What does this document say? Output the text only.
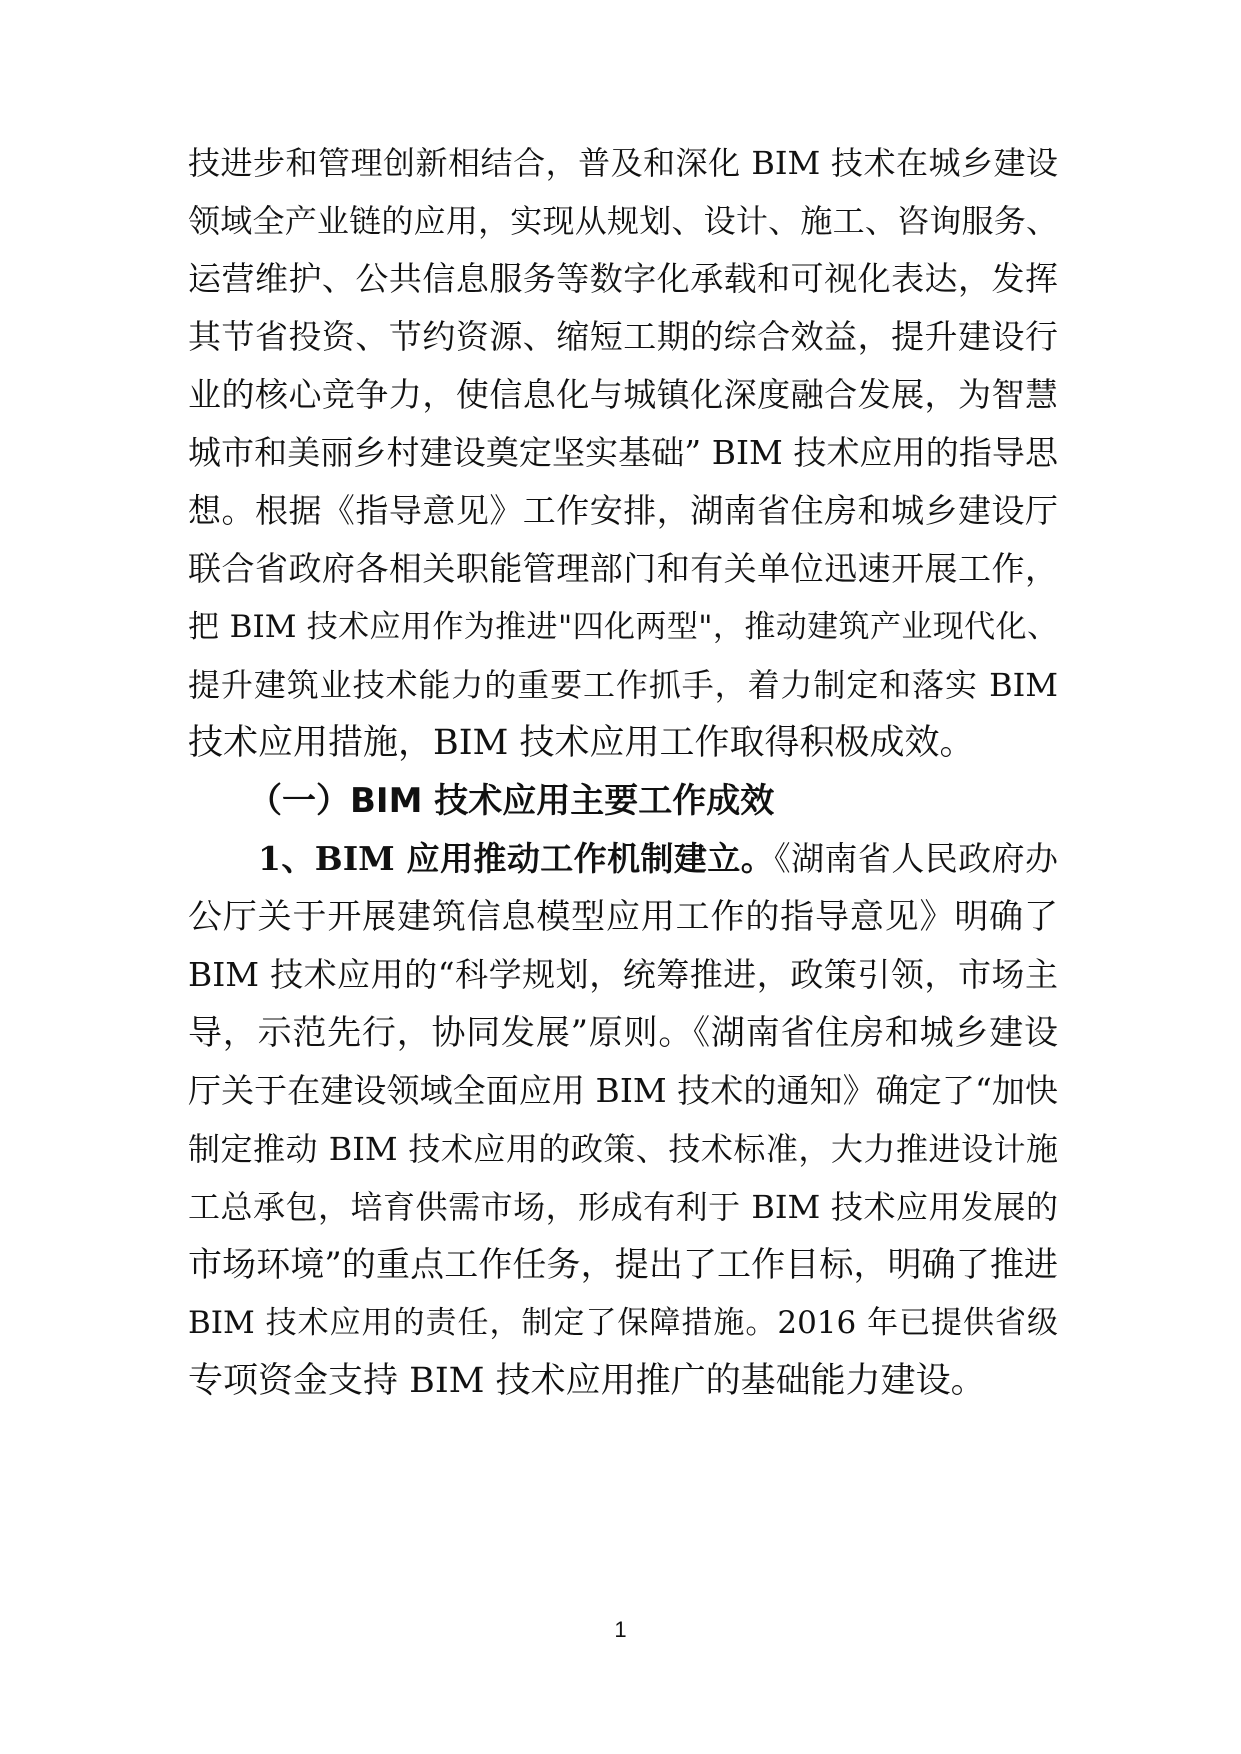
技进步和管理创新相结合，普及和深化 BIM 技术在城乡建设
领域全产业链的应用，实现从规划、设计、施工、咨询服务、
运营维护、公共信息服务等数字化承载和可视化表达，发挥
其节省投资、节约资源、缩短工期的综合效益，提升建设行
业的核心竞争力，使信息化与城镇化深度融合发展，为智慧
城市和美丽乡村建设奠定坚实基础” BIM 技术应用的指导思
想。根据《指导意见》工作安排，湖南省住房和城乡建设厅
联合省政府各相关职能管理部门和有关单位迅速开展工作，
把 BIM 技术应用作为推进"四化两型"，推动建筑产业现代化、
提升建筑业技术能力的重要工作抓手，着力制定和落实 BIM
技术应用措施，BIM 技术应用工作取得积极成效。
（一）BIM 技术应用主要工作成效
1、BIM 应用推动工作机制建立。《湖南省人民政府办
公厅关于开展建筑信息模型应用工作的指导意见》明确了
BIM 技术应用的“科学规划，统筹推进，政策引领，市场主
导，示范先行，协同发展”原则。《湖南省住房和城乡建设
厅关于在建设领域全面应用 BIM 技术的通知》确定了“加快
制定推动 BIM 技术应用的政策、技术标准，大力推进设计施
工总承包，培育供需市场，形成有利于 BIM 技术应用发展的
市场环境”的重点工作任务，提出了工作目标，明确了推进
BIM 技术应用的责任，制定了保障措施。2016 年已提供省级
专项资金支持 BIM 技术应用推广的基础能力建设。
1
